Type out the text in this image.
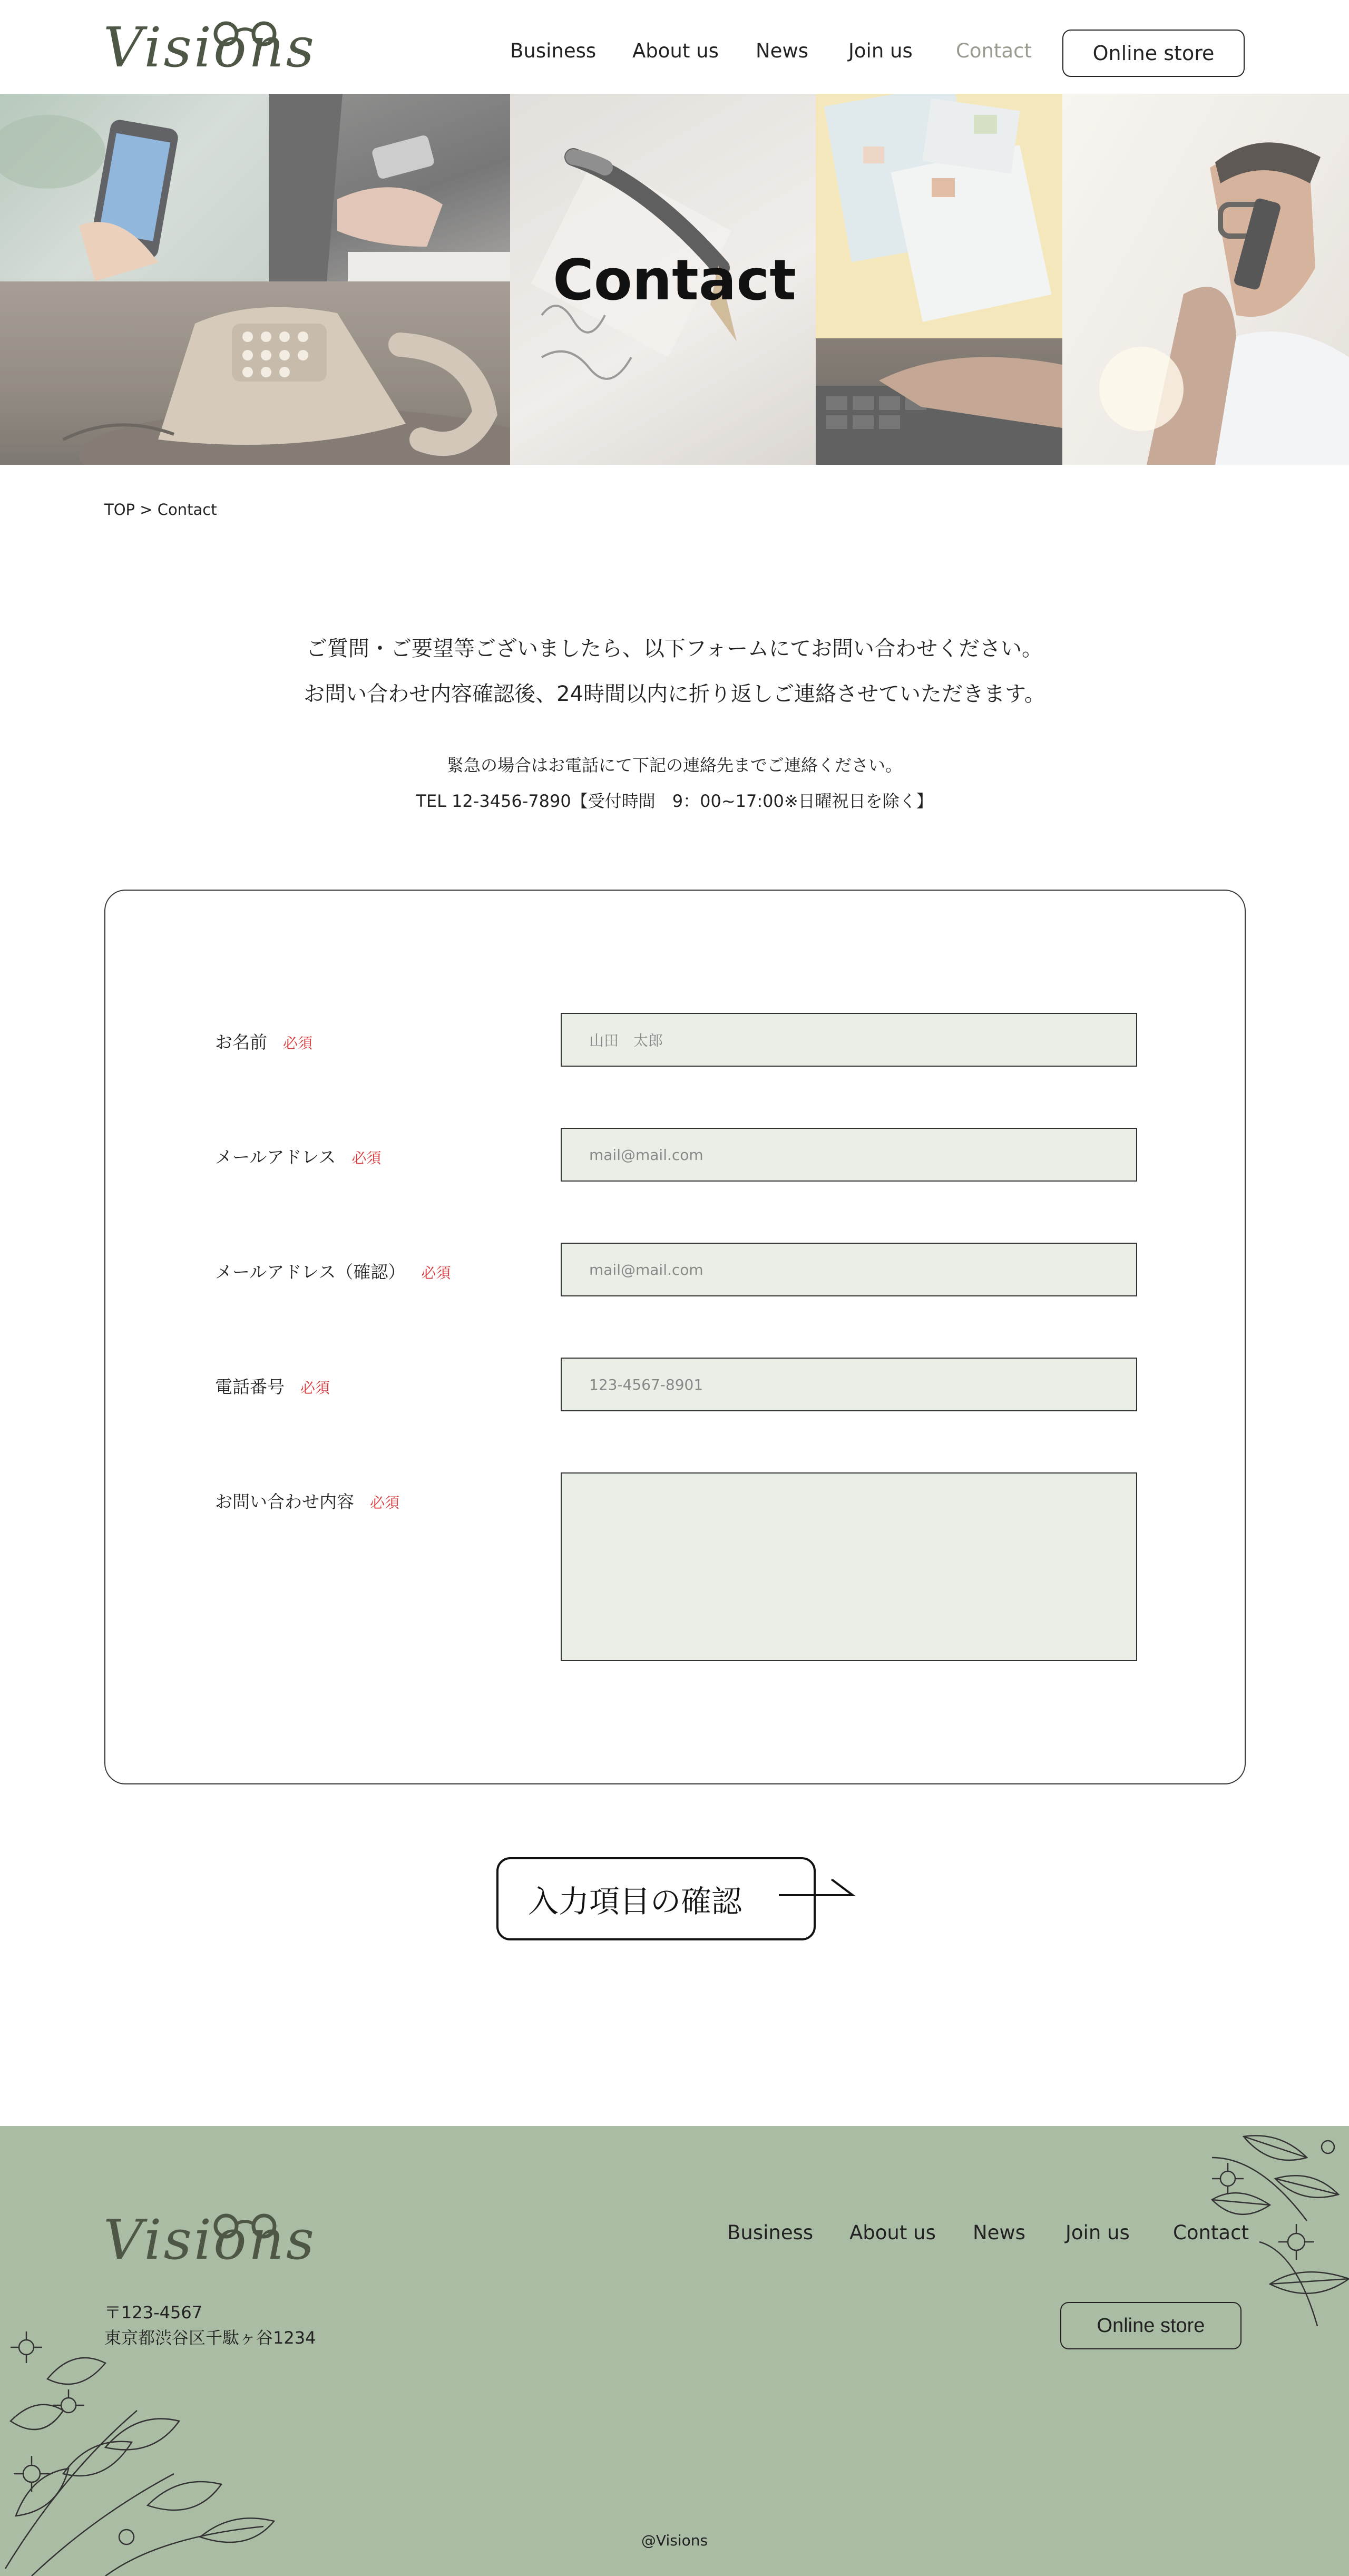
Visions	Business About us News Join us Contact	Online store
Contact
TOP > Contact

ご質問・ご要望等ございましたら、以下フォームにてお問い合わせください。

お問い合わせ内容確認後、24時間以内に折り返しご連絡させていただきます。

緊急の場合はお電話にて下記の連絡先までご連絡ください。

TEL 12-3456-7890【受付時間　9：00~17:00※日曜祝日を除く】

お名前 必須	山田　太郎
メールアドレス 必須	mail@mail.com
メールアドレス（確認） 必須	mail@mail.com
電話番号 必須	123-4567-8901
お問い合わせ内容 必須
入力項目の確認
Visions	Business About us News Join us Contact

〒123-4567

東京都渋谷区千駄ヶ谷1234

Online store
@Visions
